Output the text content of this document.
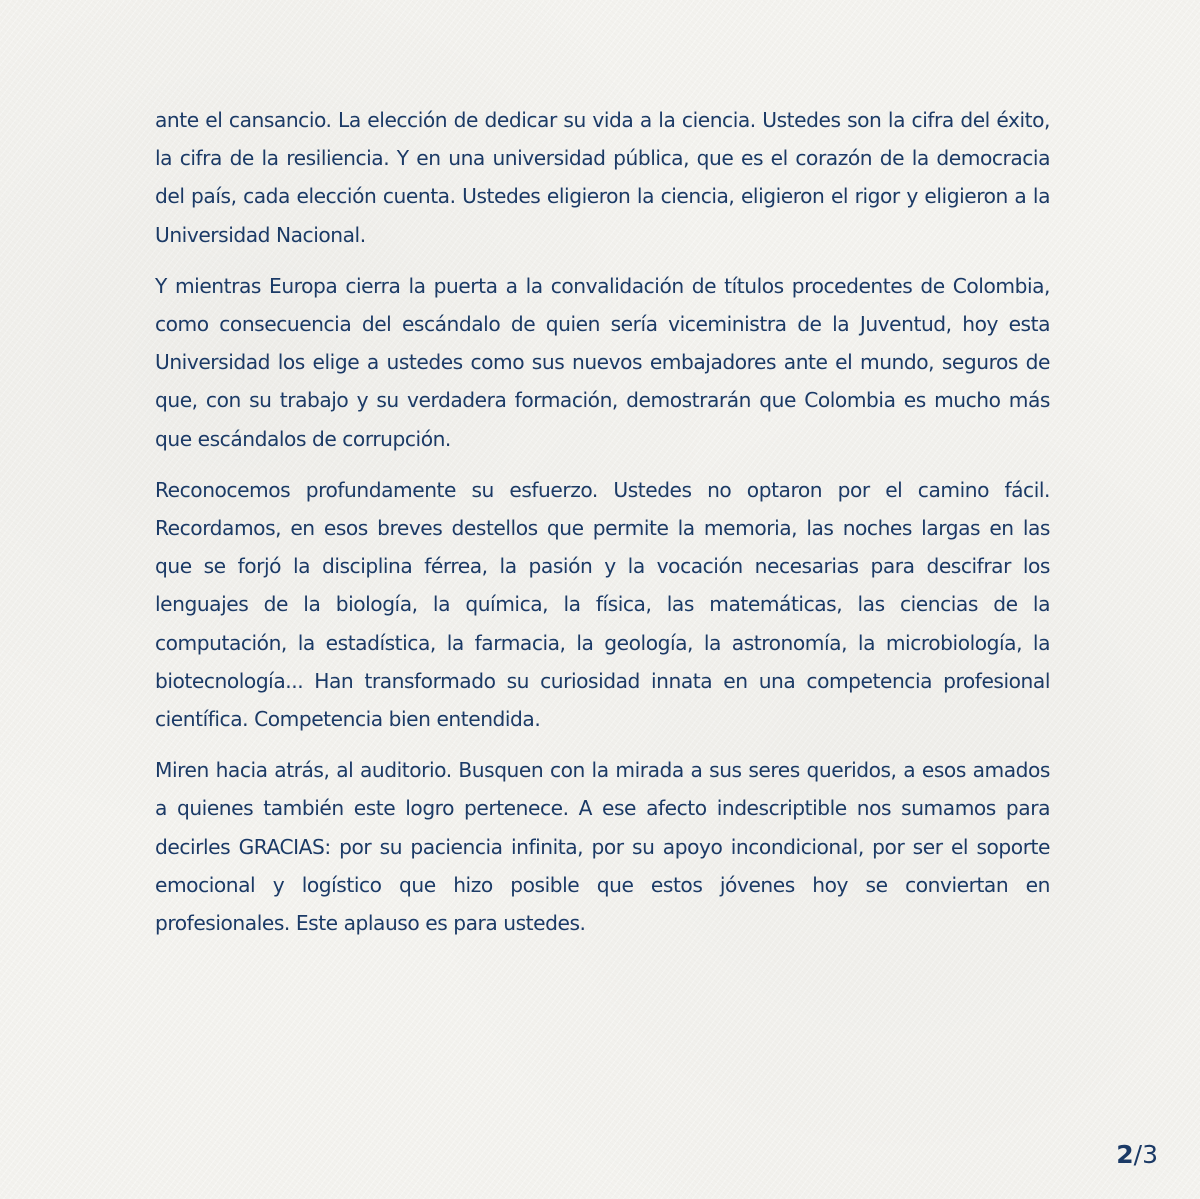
ante el cansancio. La elección de dedicar su vida a la ciencia. Ustedes son la cifra del éxito, la cifra de la resiliencia. Y en una universidad pública, que es el corazón de la democracia del país, cada elección cuenta. Ustedes eligieron la ciencia, eligieron el rigor y eligieron a la Universidad Nacional.

Y mientras Europa cierra la puerta a la convalidación de títulos procedentes de Colombia, como consecuencia del escándalo de quien sería viceministra de la Juventud, hoy esta Universidad los elige a ustedes como sus nuevos embajadores ante el mundo, seguros de que, con su trabajo y su verdadera formación, demostrarán que Colombia es mucho más que escándalos de corrupción.

Reconocemos profundamente su esfuerzo. Ustedes no optaron por el camino fácil. Recordamos, en esos breves destellos que permite la memoria, las noches largas en las que se forjó la disciplina férrea, la pasión y la vocación necesarias para descifrar los lenguajes de la biología, la química, la física, las matemáticas, las ciencias de la computación, la estadística, la farmacia, la geología, la astronomía, la microbiología, la biotecnología... Han transformado su curiosidad innata en una competencia profesional científica. Competencia bien entendida.

Miren hacia atrás, al auditorio. Busquen con la mirada a sus seres queridos, a esos amados a quienes también este logro pertenece. A ese afecto indescriptible nos sumamos para decirles GRACIAS: por su paciencia infinita, por su apoyo incondicional, por ser el soporte emocional y logístico que hizo posible que estos jóvenes hoy se conviertan en profesionales. Este aplauso es para ustedes.

2/3
